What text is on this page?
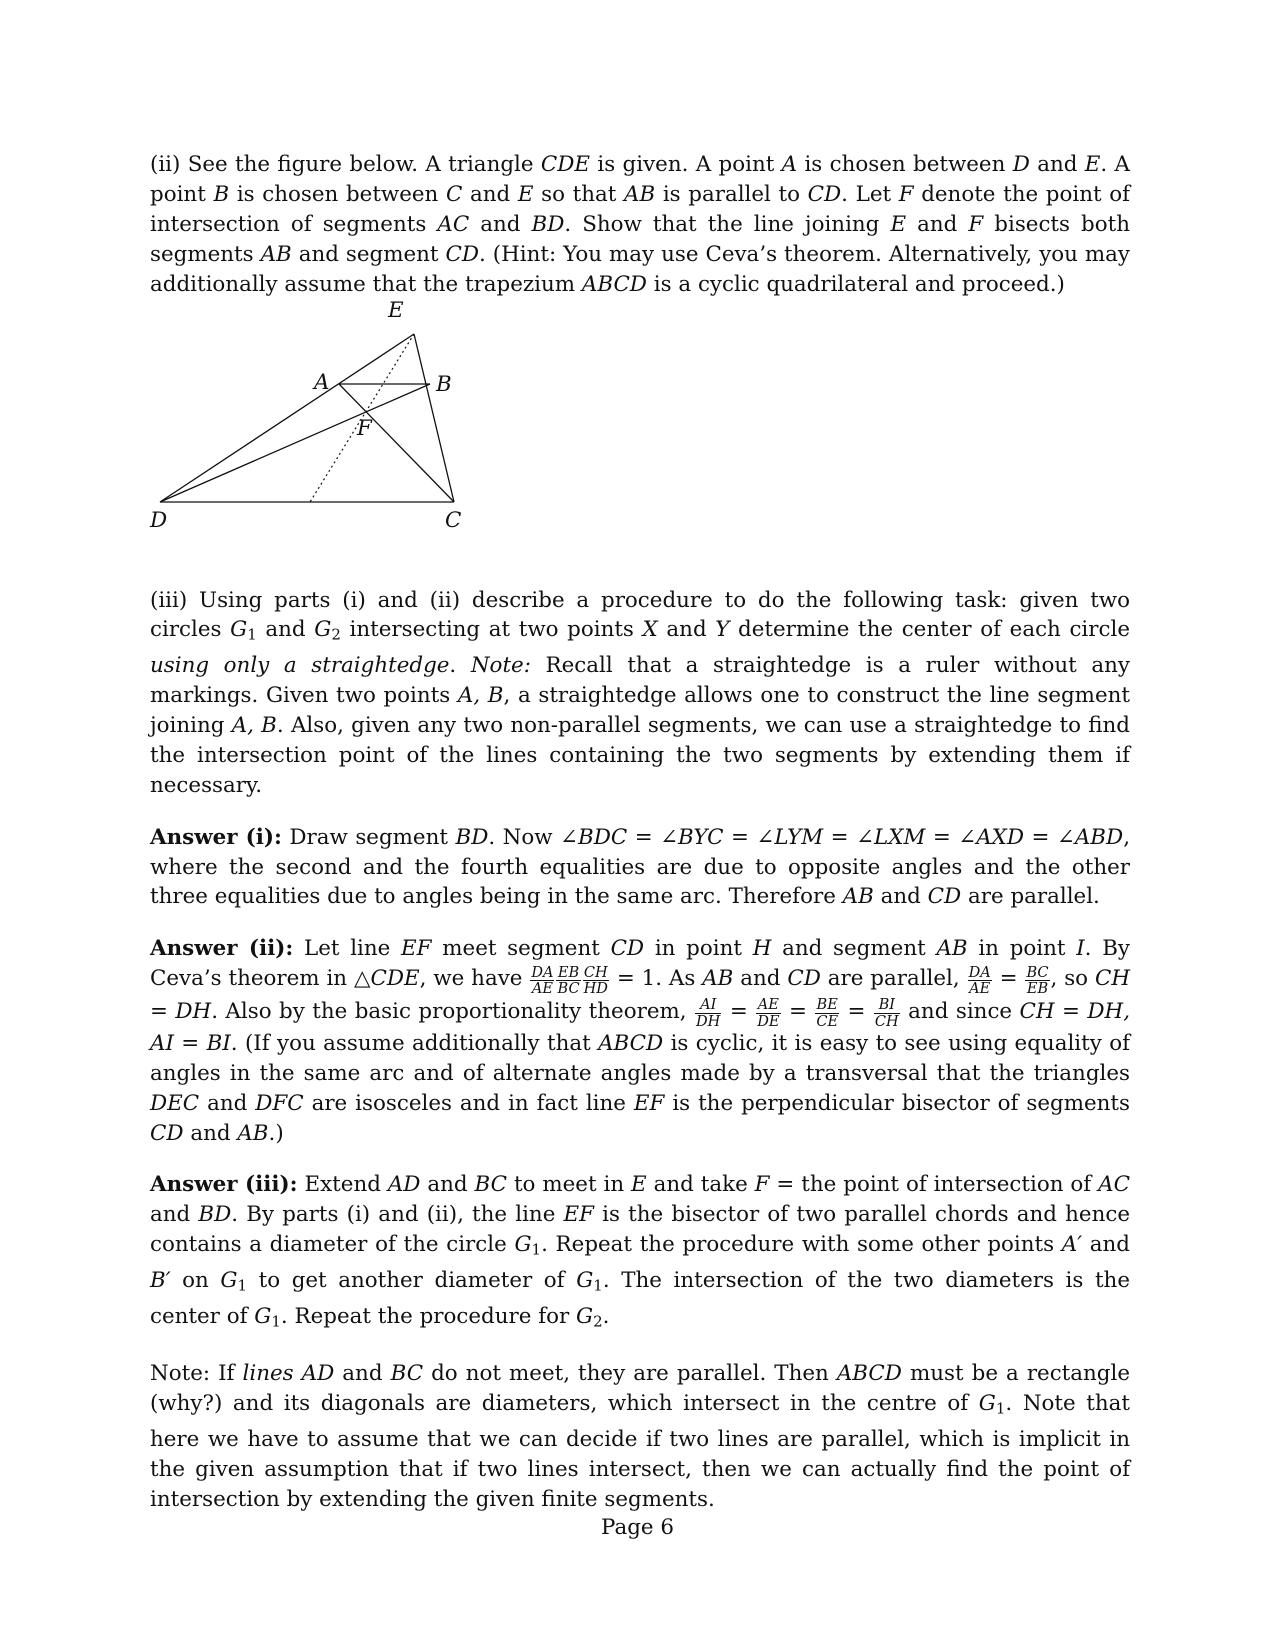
(ii) See the figure below. A triangle CDE is given. A point A is chosen between D and E. A point B is chosen between C and E so that AB is parallel to CD. Let F denote the point of intersection of segments AC and BD. Show that the line joining E and F bisects both segments AB and segment CD. (Hint: You may use Ceva’s theorem. Alternatively, you may additionally assume that the trapezium ABCD is a cyclic quadrilateral and proceed.)

E
A	B
F
D	C

(iii) Using parts (i) and (ii) describe a procedure to do the following task: given two circles $G_1$ and $G_2$ intersecting at two points X and Y determine the center of each circle using only a straightedge. Note: Recall that a straightedge is a ruler without any markings. Given two points A, B, a straightedge allows one to construct the line segment joining A, B. Also, given any two non-parallel segments, we can use a straightedge to find the intersection point of the lines containing the two segments by extending them if necessary.

Answer (i): Draw segment BD. Now ∠BDC = ∠BYC = ∠LYM = ∠LXM = ∠AXD = ∠ABD, where the second and the fourth equalities are due to opposite angles and the other three equalities due to angles being in the same arc. Therefore AB and CD are parallel.

Answer (ii): Let line EF meet segment CD in point H and segment AB in point I. By Ceva’s theorem in △CDE, we have $\frac{DA}{AE} \frac{EB}{BC} \frac{CH}{HD} = 1$. As AB and CD are parallel, $\frac{DA}{AE} = \frac{BC}{EB}$ , so CH = DH. Also by the basic proportionality theorem, $\frac{AI}{DH} = \frac{AE}{DE} = \frac{BE}{CE} = \frac{BI}{CH}$ and since CH = DH, AI = BI. (If you assume additionally that ABCD is cyclic, it is easy to see using equality of angles in the same arc and of alternate angles made by a transversal that the triangles DEC and DFC are isosceles and in fact line EF is the perpendicular bisector of segments CD and AB.)

Answer (iii): Extend AD and BC to meet in E and take F = the point of intersection of AC and BD. By parts (i) and (ii), the line EF is the bisector of two parallel chords and hence contains a diameter of the circle $G_1$. Repeat the procedure with some other points A′ and B′ on $G_1$ to get another diameter of $G_1$. The intersection of the two diameters is the center of $G_1$. Repeat the procedure for $G_2$.

Note: If lines AD and BC do not meet, they are parallel. Then ABCD must be a rectangle (why?) and its diagonals are diameters, which intersect in the centre of $G_1$. Note that here we have to assume that we can decide if two lines are parallel, which is implicit in the given assumption that if two lines intersect, then we can actually find the point of intersection by extending the given finite segments.

Page 6
